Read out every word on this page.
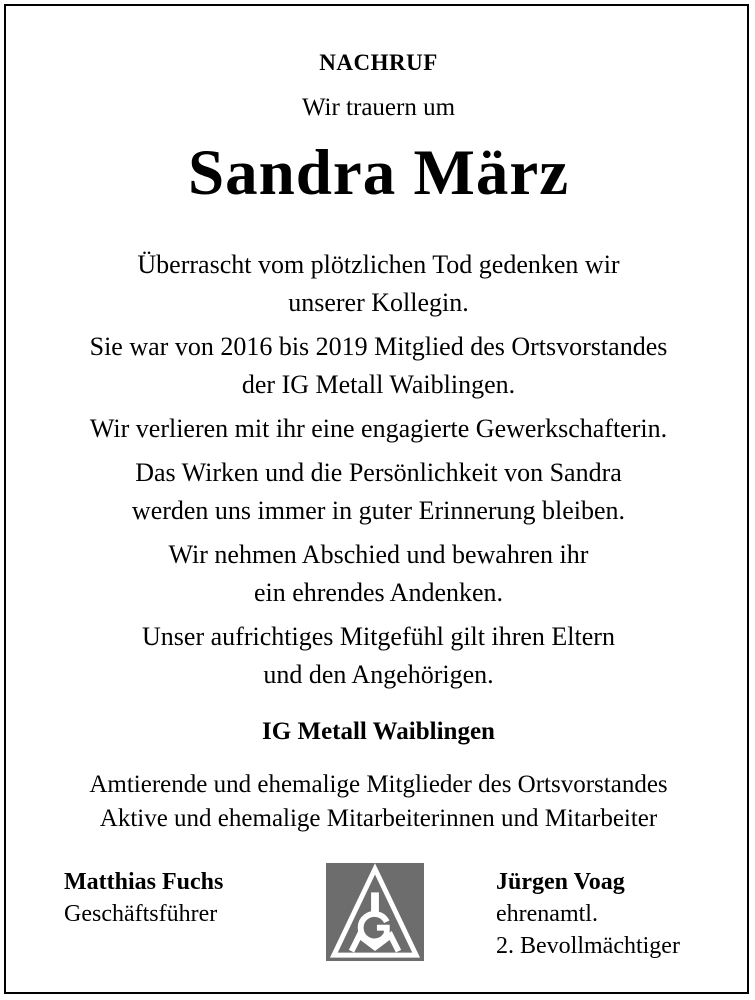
NACHRUF
Wir trauern um
Sandra März
Überrascht vom plötzlichen Tod gedenken wir
unserer Kollegin.
Sie war von 2016 bis 2019 Mitglied des Ortsvorstandes
der IG Metall Waiblingen.
Wir verlieren mit ihr eine engagierte Gewerkschafterin.
Das Wirken und die Persönlichkeit von Sandra
werden uns immer in guter Erinnerung bleiben.
Wir nehmen Abschied und bewahren ihr
ein ehrendes Andenken.
Unser aufrichtiges Mitgefühl gilt ihren Eltern
und den Angehörigen.
IG Metall Waiblingen
Amtierende und ehemalige Mitglieder des Ortsvorstandes
Aktive und ehemalige Mitarbeiterinnen und Mitarbeiter
Matthias Fuchs
Geschäftsführer
Jürgen Voag
ehrenamtl.
2. Bevollmächtiger
